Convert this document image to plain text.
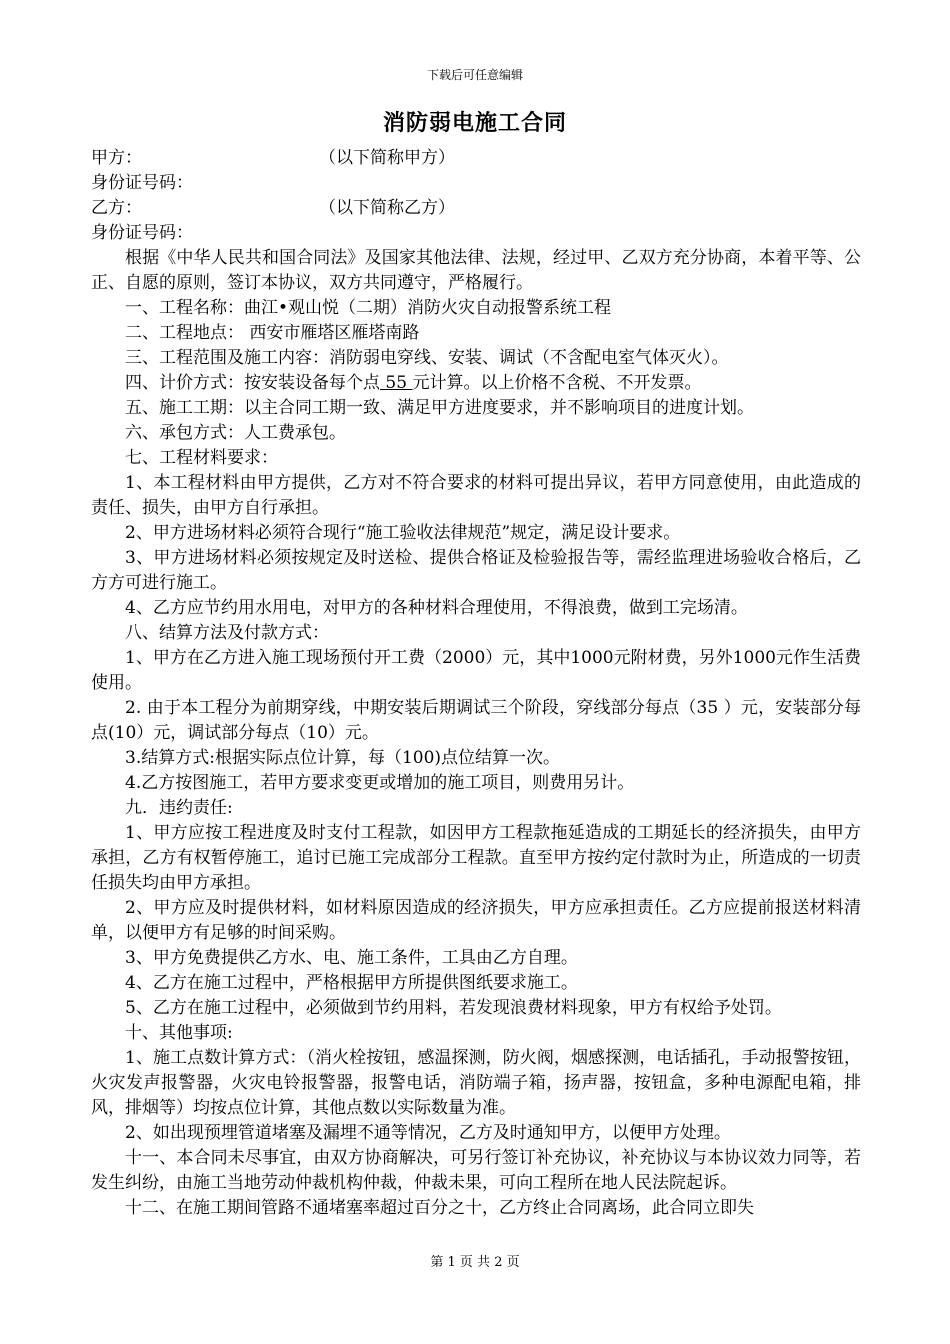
下载后可任意编辑
消防弱电施工合同
甲方：	（以下简称甲方）
身份证号码：
乙方：	（以下简称乙方）
身份证号码：
根据《中华人民共和国合同法》及国家其他法律、法规，经过甲、乙双方充分协商，本着平等、公正、自愿的原则，签订本协议，双方共同遵守，严格履行。
一、工程名称：曲江•观山悦（二期）消防火灾自动报警系统工程
二、工程地点： 西安市雁塔区雁塔南路
三、工程范围及施工内容：消防弱电穿线、安装、调试（不含配电室气体灭火）。
四、计价方式：按安装设备每个点 55 元计算。以上价格不含税、不开发票。
五、施工工期：以主合同工期一致、满足甲方进度要求，并不影响项目的进度计划。
六、承包方式：人工费承包。
七、工程材料要求：
1、本工程材料由甲方提供，乙方对不符合要求的材料可提出异议，若甲方同意使用，由此造成的责任、损失，由甲方自行承担。
2、甲方进场材料必须符合现行“施工验收法律规范”规定，满足设计要求。
3、甲方进场材料必须按规定及时送检、提供合格证及检验报告等，需经监理进场验收合格后，乙方方可进行施工。
4、乙方应节约用水用电，对甲方的各种材料合理使用，不得浪费，做到工完场清。
八、结算方法及付款方式：
1、甲方在乙方进入施工现场预付开工费（2000）元，其中1000元附材费，另外1000元作生活费使用。
2. 由于本工程分为前期穿线，中期安装后期调试三个阶段，穿线部分每点（35 ）元，安装部分每点(10）元，调试部分每点（10）元。
3.结算方式:根据实际点位计算，每（100)点位结算一次。
4.乙方按图施工，若甲方要求变更或增加的施工项目，则费用另计。
九．违约责任:
1、甲方应按工程进度及时支付工程款，如因甲方工程款拖延造成的工期延长的经济损失，由甲方承担，乙方有权暂停施工，追讨已施工完成部分工程款。直至甲方按约定付款时为止，所造成的一切责任损失均由甲方承担。
2、甲方应及时提供材料，如材料原因造成的经济损失，甲方应承担责任。乙方应提前报送材料清单，以便甲方有足够的时间采购。
3、甲方免费提供乙方水、电、施工条件，工具由乙方自理。
4、乙方在施工过程中，严格根据甲方所提供图纸要求施工。
5、乙方在施工过程中，必须做到节约用料，若发现浪费材料现象，甲方有权给予处罚。
十、其他事项:
1、施工点数计算方式：（消火栓按钮，感温探测，防火阀，烟感探测，电话插孔，手动报警按钮，火灾发声报警器，火灾电铃报警器，报警电话，消防端子箱，扬声器，按钮盒，多种电源配电箱，排风，排烟等）均按点位计算，其他点数以实际数量为准。
2、如出现预埋管道堵塞及漏埋不通等情况，乙方及时通知甲方，以便甲方处理。
十一、本合同未尽事宜，由双方协商解决，可另行签订补充协议，补充协议与本协议效力同等，若发生纠纷，由施工当地劳动仲裁机构仲裁，仲裁未果，可向工程所在地人民法院起诉。
十二、在施工期间管路不通堵塞率超过百分之十，乙方终止合同离场，此合同立即失
第 1 页 共 2 页
